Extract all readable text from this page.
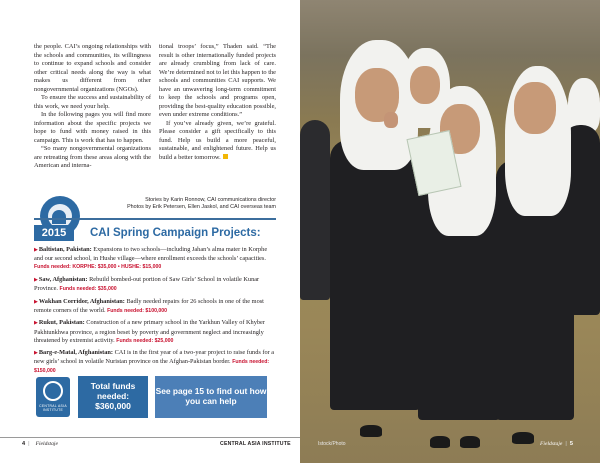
the people. CAI’s ongoing relationships with the schools and communities, its willingness to continue to expand schools and consider other critical needs along the way is what makes us different from other nongovernmental organizations (NGOs).

To ensure the success and sustainability of this work, we need your help.

In the following pages you will find more information about the specific projects we hope to fund with money raised in this campaign. This is work that has to happen.

“So many nongovernmental organizations are retreating from these areas along with the American and interna-

tional troops’ focus,” Thaden said. “The result is other internationally funded projects are already crumbling from lack of care. We’re determined not to let this happen to the schools and communities CAI supports. We have an unwavering long-term commitment to keep the schools and programs open, providing the best-quality education possible, even under extreme conditions.”

If you’ve already given, we’re grateful. Please consider a gift specifically to this fund. Help us build a more peaceful, sustainable, and enlightened future. Help us build a better tomorrow.

Stories by Karin Ronnow, CAI communications director
Photos by Erik Petersen, Ellen Jaskol, and CAI overseas team
2015	CAI Spring Campaign Projects:
▶Baltistan, Pakistan: Expansions to two schools—including Jahan’s alma mater in Korphe and our second school, in Hushe village—where enrollment exceeds the schools’ capacities. Funds needed: KORPHE: $35,000 • HUSHE: $15,000
▶Saw, Afghanistan: Rebuild bombed-out portion of Saw Girls’ School in volatile Kunar Province. Funds needed: $35,000
▶Wakhan Corridor, Afghanistan: Badly needed repairs for 26 schools in one of the most remote corners of the world. Funds needed: $100,000
▶Rukut, Pakistan: Construction of a new primary school in the Yarkhun Valley of Khyber Pakhtunkhwa province, a region beset by poverty and government neglect and increasingly threatened by extremist activity. Funds needed: $25,000
▶Barg-e-Matal, Afghanistan: CAI is in the first year of a two-year project to raise funds for a new girls’ school in volatile Nuristan province on the Afghan-Pakistan border. Funds needed: $150,000
CENTRAL ASIA INSTITUTE
Total funds needed:
$360,000
See page 15 to find out how you can help
4 | Fieldstaje	CENTRAL ASIA INSTITUTE	Istock/Photo	Fieldstaje | 5
